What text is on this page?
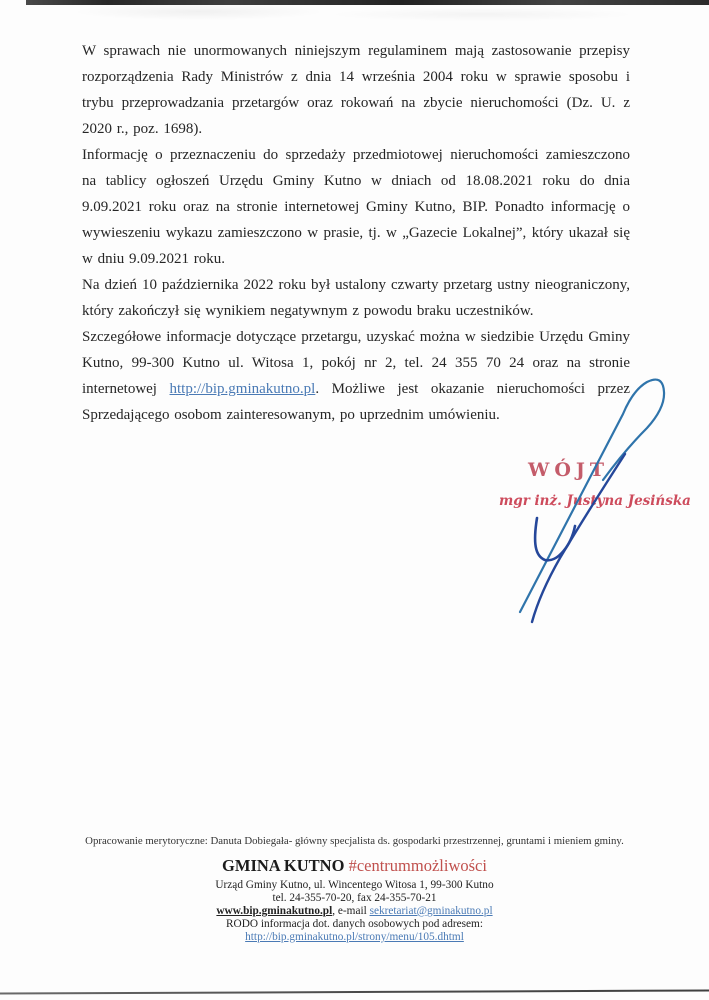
W sprawach nie unormowanych niniejszym regulaminem mają zastosowanie przepisy rozporządzenia Rady Ministrów z dnia 14 września 2004 roku w sprawie sposobu i trybu przeprowadzania przetargów oraz rokowań na zbycie nieruchomości (Dz. U. z 2020 r., poz. 1698).

Informację o przeznaczeniu do sprzedaży przedmiotowej nieruchomości zamieszczono na tablicy ogłoszeń Urzędu Gminy Kutno w dniach od 18.08.2021 roku do dnia 9.09.2021 roku oraz na stronie internetowej Gminy Kutno, BIP. Ponadto informację o wywieszeniu wykazu zamieszczono w prasie, tj. w „Gazecie Lokalnej”, który ukazał się w dniu 9.09.2021 roku.

Na dzień 10 października 2022 roku był ustalony czwarty przetarg ustny nieograniczony, który zakończył się wynikiem negatywnym z powodu braku uczestników.

Szczegółowe informacje dotyczące przetargu, uzyskać można w siedzibie Urzędu Gminy Kutno, 99-300 Kutno ul. Witosa 1, pokój nr 2, tel. 24 355 70 24 oraz na stronie internetowej http://bip.gminakutno.pl. Możliwe jest okazanie nieruchomości przez Sprzedającego osobom zainteresowanym, po uprzednim umówieniu.

WÓJT
mgr inż. Justyna Jesińska
Opracowanie merytoryczne: Danuta Dobiegała- główny specjalista ds. gospodarki przestrzennej, gruntami i mieniem gminy.
GMINA KUTNO #centrummożliwości
Urząd Gminy Kutno, ul. Wincentego Witosa 1, 99-300 Kutno
tel. 24-355-70-20, fax 24-355-70-21
www.bip.gminakutno.pl, e-mail sekretariat@gminakutno.pl
RODO informacja dot. danych osobowych pod adresem:
http://bip.gminakutno.pl/strony/menu/105.dhtml
